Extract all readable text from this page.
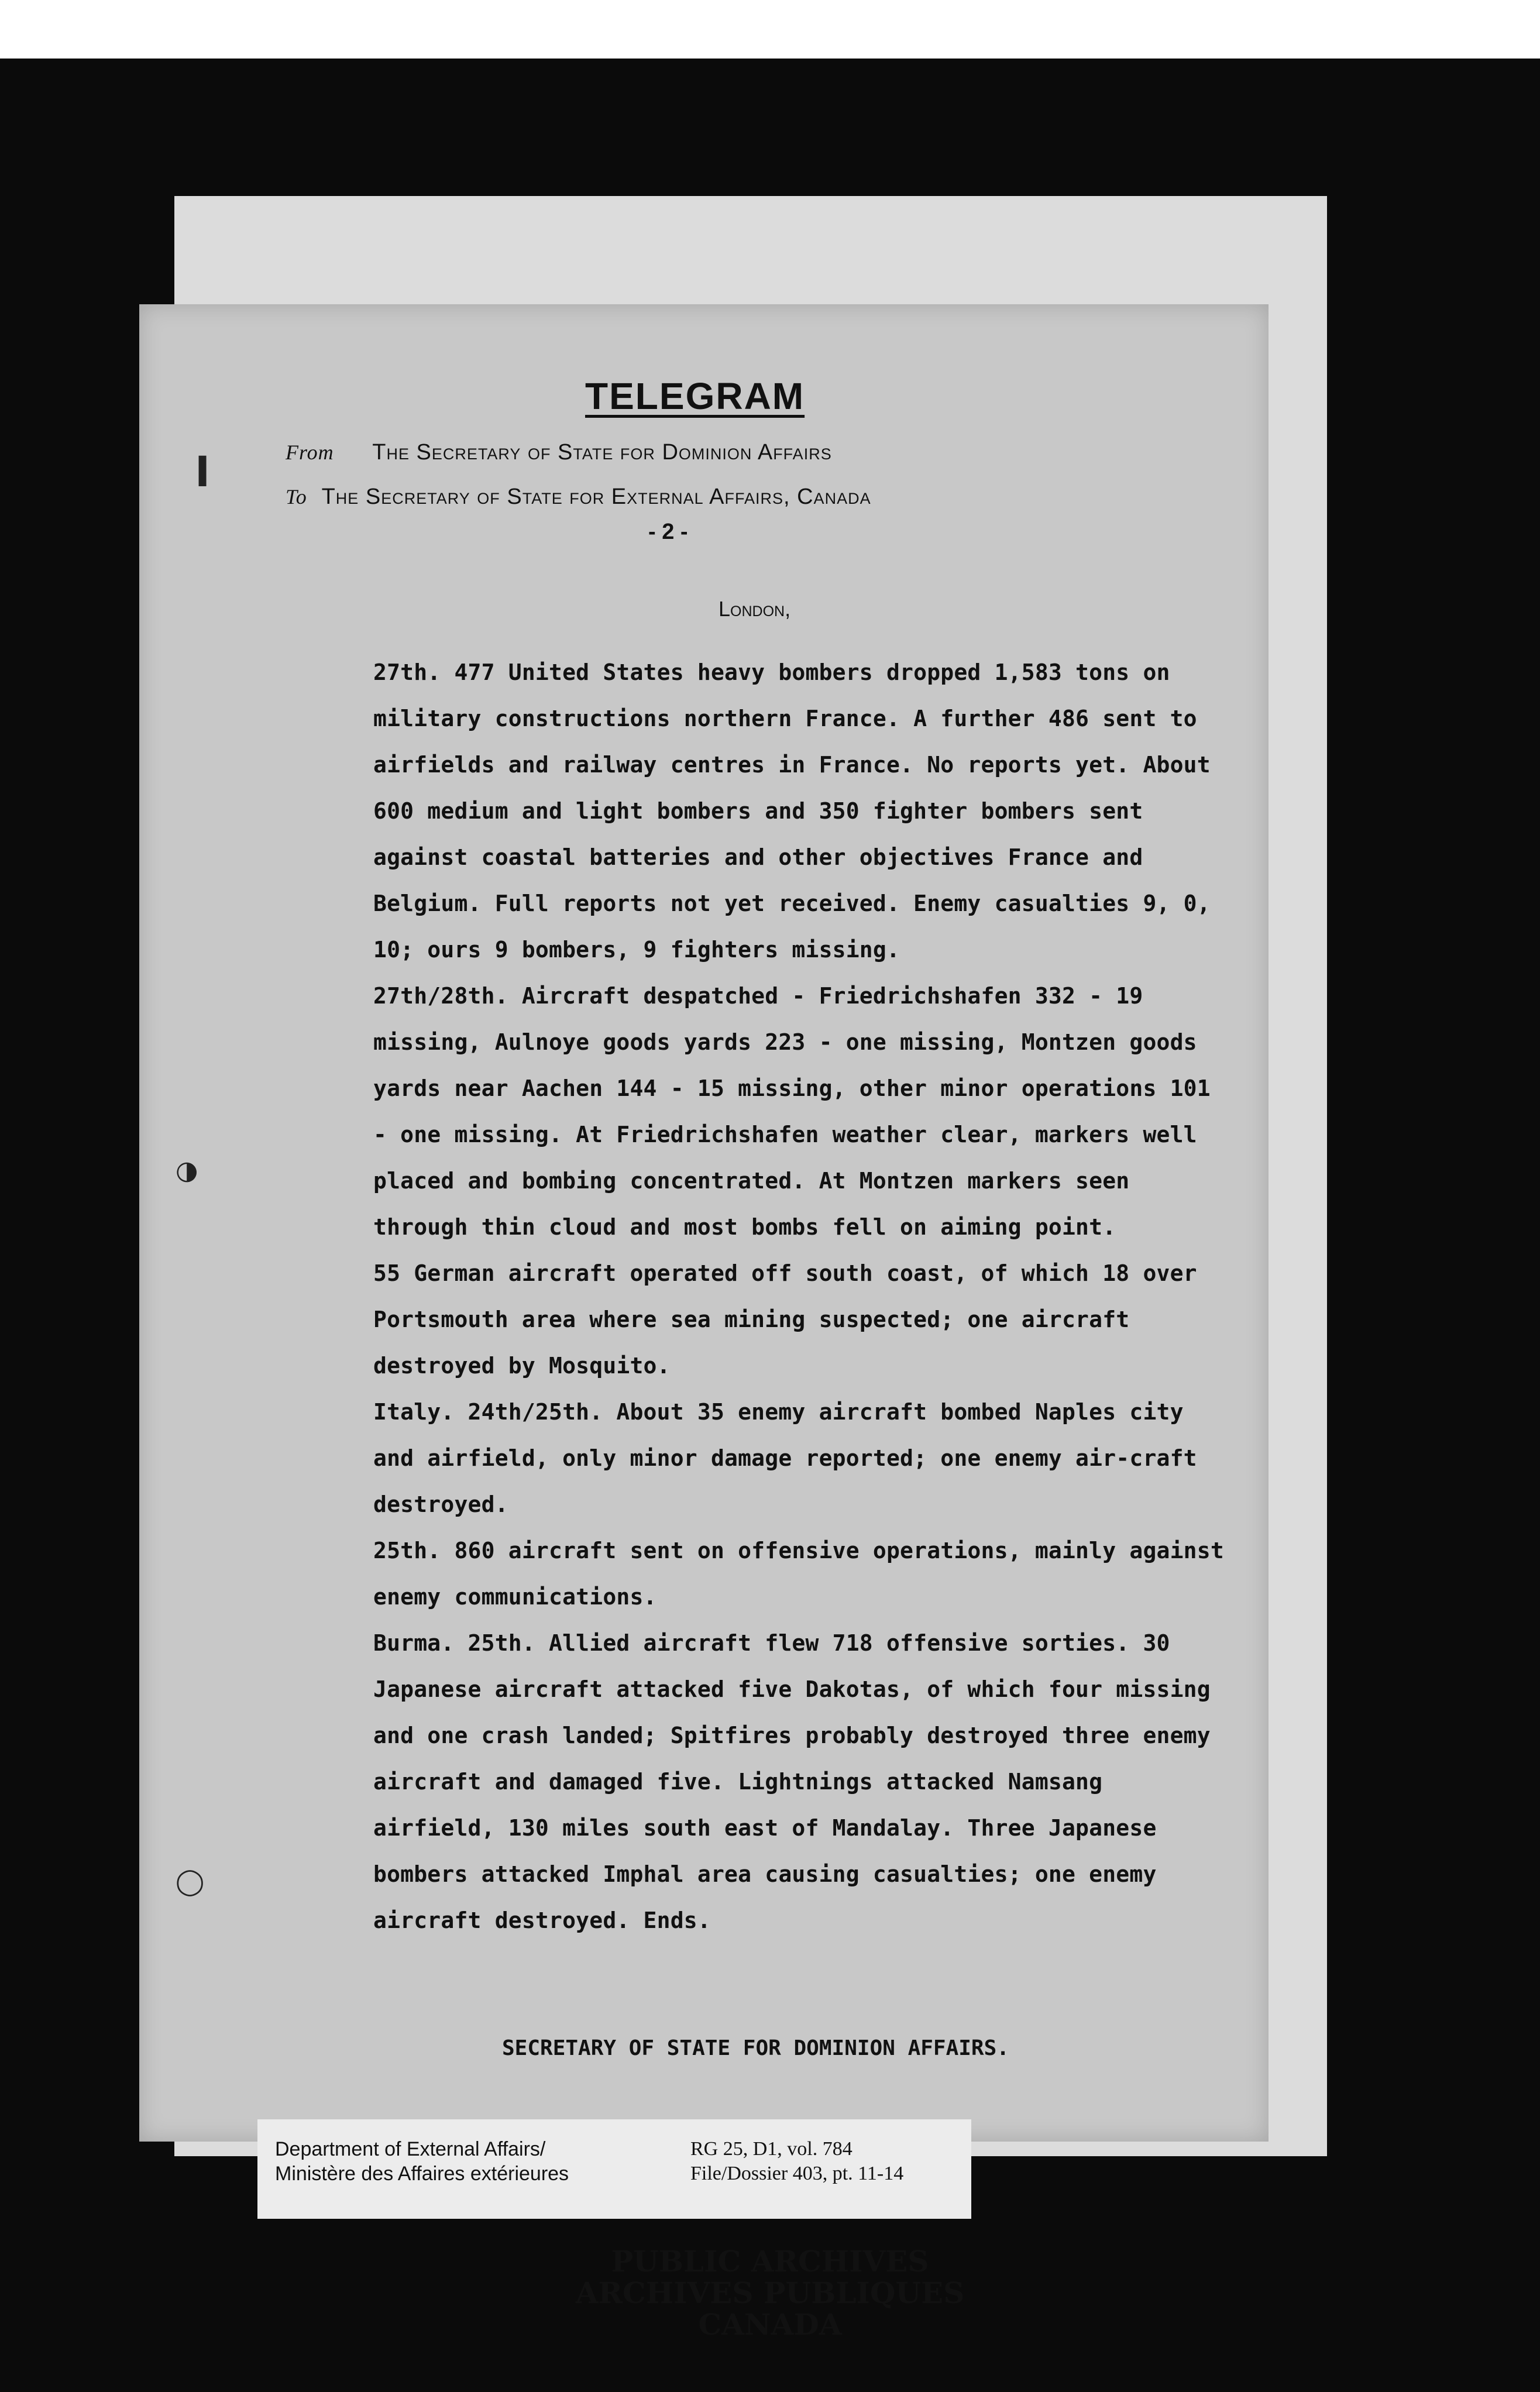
TELEGRAM
From The Secretary of State for Dominion Affairs
To The Secretary of State for External Affairs, Canada
- 2 -
London,

27th. 477 United States heavy bombers dropped 1,583 tons on military constructions northern France. A further 486 sent to airfields and railway centres in France. No reports yet. About 600 medium and light bombers and 350 fighter bombers sent against coastal batteries and other objectives France and Belgium. Full reports not yet received. Enemy casualties 9, 0, 10; ours 9 bombers, 9 fighters missing.

27th/28th. Aircraft despatched - Friedrichshafen 332 - 19 missing, Aulnoye goods yards 223 - one missing, Montzen goods yards near Aachen 144 - 15 missing, other minor operations 101 - one missing. At Friedrichshafen weather clear, markers well placed and bombing concentrated. At Montzen markers seen through thin cloud and most bombs fell on aiming point.

55 German aircraft operated off south coast, of which 18 over Portsmouth area where sea mining suspected; one aircraft destroyed by Mosquito.

Italy. 24th/25th. About 35 enemy aircraft bombed Naples city and airfield, only minor damage reported; one enemy air-craft destroyed.

25th. 860 aircraft sent on offensive operations, mainly against enemy communications.

Burma. 25th. Allied aircraft flew 718 offensive sorties. 30 Japanese aircraft attacked five Dakotas, of which four missing and one crash landed; Spitfires probably destroyed three enemy aircraft and damaged five. Lightnings attacked Namsang airfield, 130 miles south east of Mandalay. Three Japanese bombers attacked Imphal area causing casualties; one enemy aircraft destroyed. Ends.

SECRETARY OF STATE FOR DOMINION AFFAIRS.
▍
◑
◯
Department of External Affairs/
Ministère des Affaires extérieures
RG 25, D1, vol. 784
File/Dossier 403, pt. 11-14
PUBLIC ARCHIVES
ARCHIVES PUBLIQUES
CANADA
